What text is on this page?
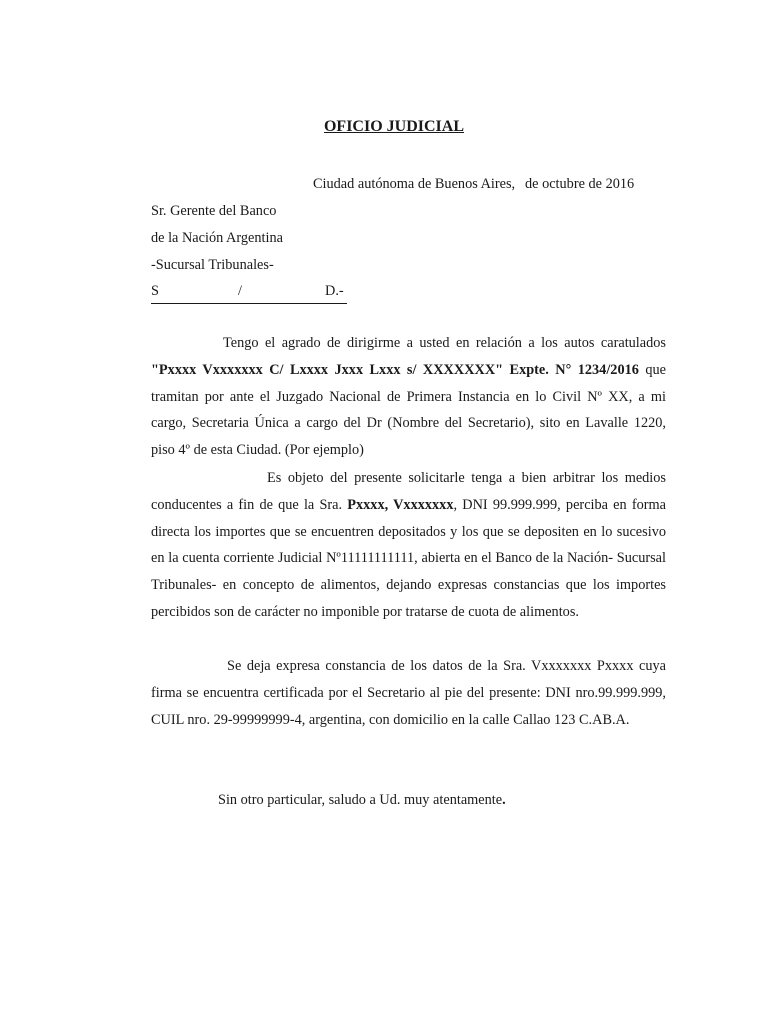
OFICIO JUDICIAL
Ciudad autónoma de Buenos Aires, de octubre de 2016
Sr. Gerente del Banco
de la Nación Argentina
-Sucursal Tribunales-
S	/	D.-

Tengo el agrado de dirigirme a usted en relación a los autos caratulados "Pxxxx Vxxxxxxx C/ Lxxxx Jxxx Lxxx s/ XXXXXXX" Expte. N° 1234/2016 que tramitan por ante el Juzgado Nacional de Primera Instancia en lo Civil Nº XX, a mi cargo, Secretaria Única a cargo del Dr (Nombre del Secretario), sito en Lavalle 1220, piso 4º de esta Ciudad. (Por ejemplo)

Es objeto del presente solicitarle tenga a bien arbitrar los medios conducentes a fin de que la Sra. Pxxxx, Vxxxxxxx, DNI 99.999.999, perciba en forma directa los importes que se encuentren depositados y los que se depositen en lo sucesivo en la cuenta corriente Judicial Nº11111111111, abierta en el Banco de la Nación- Sucursal Tribunales- en concepto de alimentos, dejando expresas constancias que los importes percibidos son de carácter no imponible por tratarse de cuota de alimentos.

Se deja expresa constancia de los datos de la Sra. Vxxxxxxx Pxxxx cuya firma se encuentra certificada por el Secretario al pie del presente: DNI nro.99.999.999, CUIL nro. 29-99999999-4, argentina, con domicilio en la calle Callao 123 C.AB.A.

Sin otro particular, saludo a Ud. muy atentamente.
